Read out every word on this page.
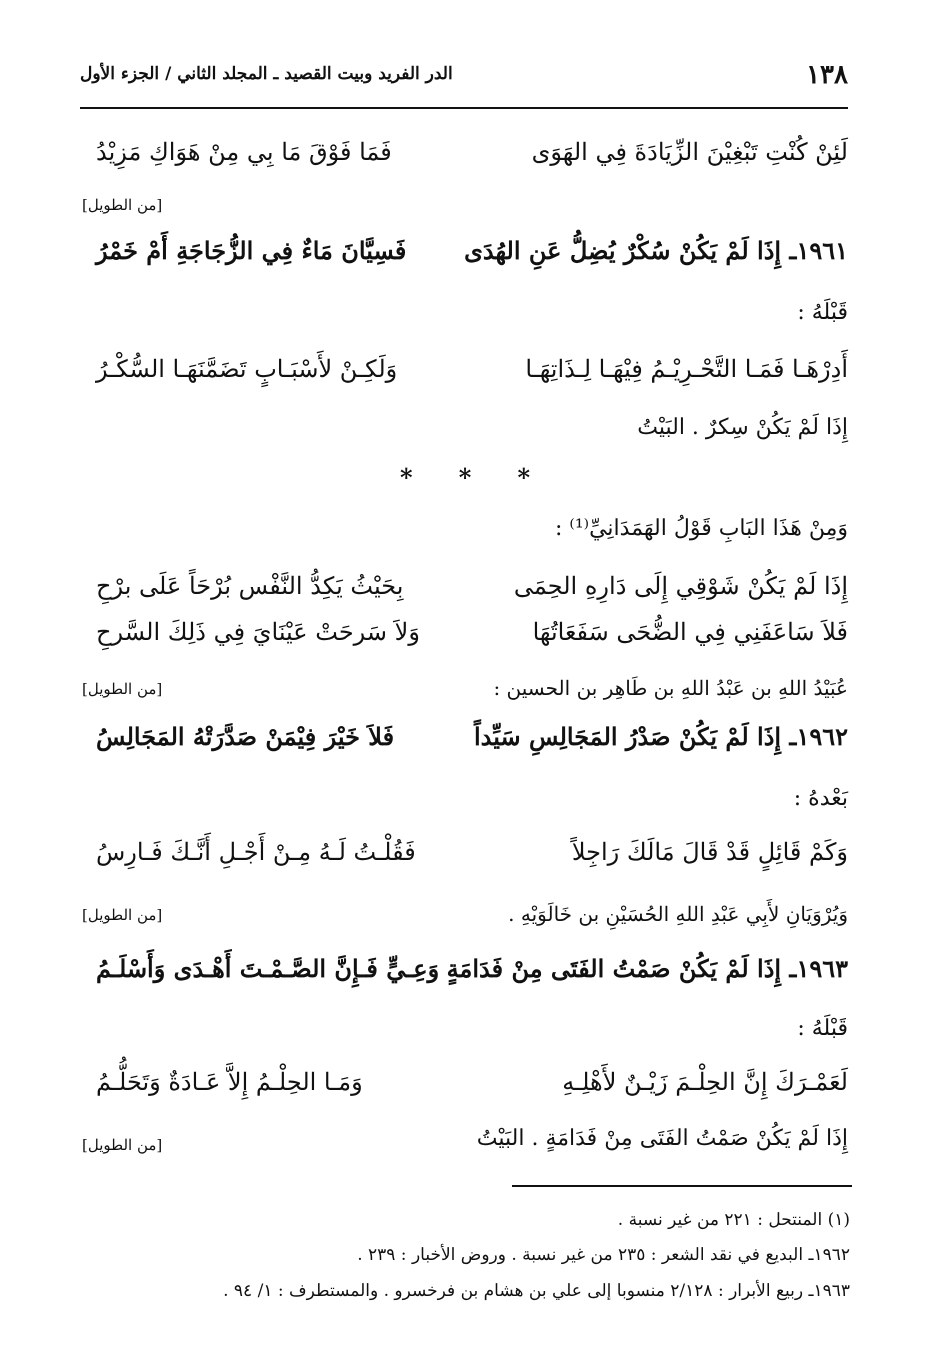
١٣٨
الدر الفريد وبيت القصيد ـ المجلد الثاني / الجزء الأول
لَئِنْ كُنْتِ تَبْغِيْنَ الزِّيَادَةَ فِي الهَوَى
فَمَا فَوْقَ مَا بِي مِنْ هَوَاكِ مَزِيْدُ
[من الطويل]
١٩٦١ـ إِذَا لَمْ يَكُنْ سُكْرٌ يُضِلُّ عَنِ الهُدَى
فَسِيَّانَ مَاءٌ فِي الزُّجَاجَةِ أَمْ خَمْرُ
قَبْلَهُ :
أَدِرْهَـا فَمَـا التَّحْـرِيْـمُ فِيْهَـا لِـذَاتِهَـا
وَلَكِـنْ لأَسْبَـابٍ تَضَمَّنَهَـا السُّكْـرُ
إِذَا لَمْ يَكُنْ سِكرٌ . البَيْتُ
* * *
وَمِنْ هَذَا البَابِ قَوْلُ الهَمَدَانِيِّ⁽¹⁾ :
إِذَا لَمْ يَكُنْ شَوْقِي إِلَى دَارِهِ الحِمَى
بِحَيْثُ يَكِدُّ النَّفْس بُرْحَاً عَلَى برْحِ
فَلاَ سَاعَفَنِي فِي الضُّحَى سَفَعَاتُهَا
وَلاَ سَرحَتْ عَيْنَايَ فِي ذَلِكَ السَّرحِ
عُبَيْدُ اللهِ بن عَبْدُ اللهِ بن طَاهِر بن الحسين :
[من الطويل]
١٩٦٢ـ إِذَا لَمْ يَكُنْ صَدْرُ المَجَالِسِ سَيِّداً
فَلاَ خَيْرَ فِيْمَنْ صَدَّرَتْهُ المَجَالِسُ
بَعْدهُ :
وَكَمْ قَائِلٍ قَدْ قَالَ مَالَكَ رَاجِلاً
فَقُلْـتُ لَـهُ مِـنْ أَجْـلِ أَنَّـكَ فَـارِسُ
وَيُرْوَيَانِ لأَبِي عَبْدِ اللهِ الحُسَيْنِ بن خَالَوَيْهِ .
[من الطويل]
١٩٦٣ـ إِذَا لَمْ يَكُنْ صَمْتُ الفَتَى مِنْ فَدَامَةٍ
وَعِـيٍّ فَـإِنَّ الصَّـمْـتَ أَهْـدَى وَأَسْلَـمُ
قَبْلَهُ :
لَعَمْـرَكَ إِنَّ الحِلْـمَ زَيْـنٌ لأَهْلِـهِ
وَمَـا الحِلْـمُ إِلاَّ عَـادَةٌ وَتَحَلُّـمُ
إِذَا لَمْ يَكُنْ صَمْتُ الفَتَى مِنْ فَدَامَةٍ . البَيْتُ
[من الطويل]
(١) المنتحل : ٢٢١ من غير نسبة .
١٩٦٢ـ البديع في نقد الشعر : ٢٣٥ من غير نسبة . وروض الأخبار : ٢٣٩ .
١٩٦٣ـ ربيع الأبرار : ٢/١٢٨ منسوبا إلى علي بن هشام بن فرخسرو . والمستطرف : ١/ ٩٤ .
